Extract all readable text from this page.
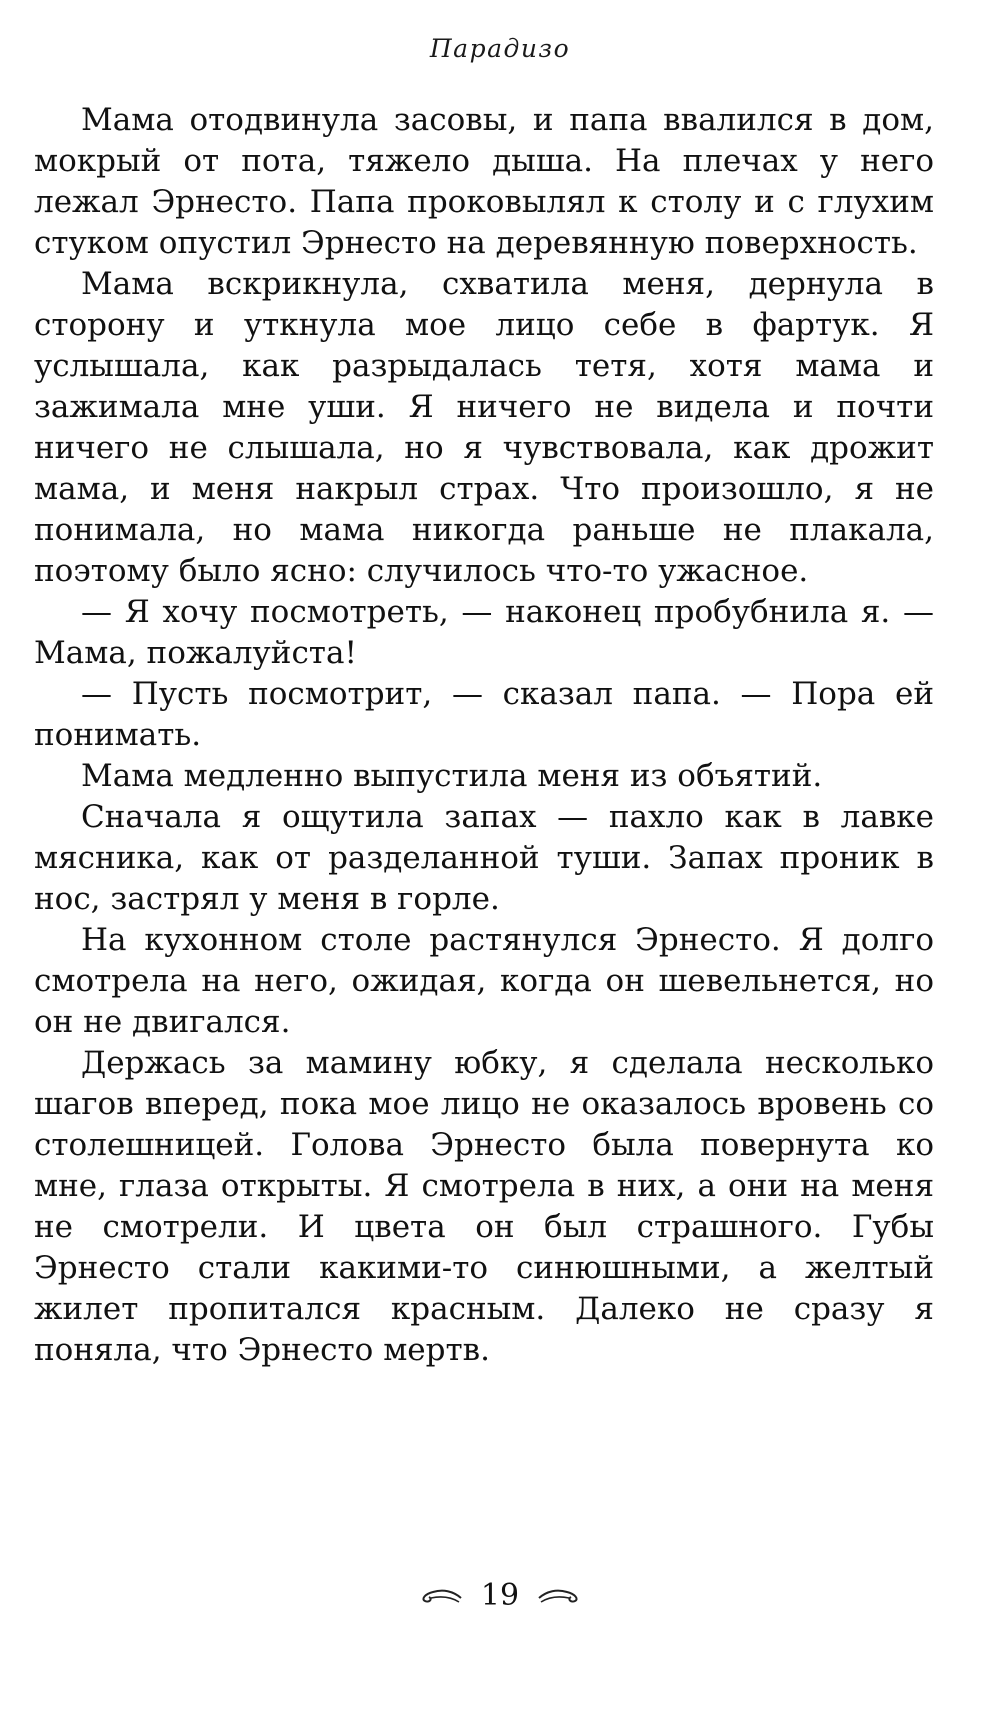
Парадизо

Мама отодвинула засовы, и папа ввалился в дом, мокрый от пота, тяжело дыша. На плечах у него лежал Эрнесто. Папа проковылял к столу и с глухим стуком опустил Эрнесто на деревянную поверхность.

Мама вскрикнула, схватила меня, дернула в сторону и уткнула мое лицо себе в фартук. Я услышала, как разрыдалась тетя, хотя мама и зажимала мне уши. Я ничего не видела и почти ничего не слышала, но я чувствовала, как дрожит мама, и меня накрыл страх. Что произошло, я не понимала, но мама никогда раньше не плакала, поэтому было ясно: случилось что-то ужасное.

— Я хочу посмотреть, — наконец пробубнила я. — Мама, пожалуйста!

— Пусть посмотрит, — сказал папа. — Пора ей понимать.

Мама медленно выпустила меня из объятий.

Сначала я ощутила запах — пахло как в лавке мясника, как от разделанной туши. Запах проник в нос, застрял у меня в горле.

На кухонном столе растянулся Эрнесто. Я долго смотрела на него, ожидая, когда он шевельнется, но он не двигался.

Держась за мамину юбку, я сделала несколько шагов вперед, пока мое лицо не оказалось вровень со столешницей. Голова Эрнесто была повернута ко мне, глаза открыты. Я смотрела в них, а они на меня не смотрели. И цвета он был страшного. Губы Эрнесто стали какими-то синюшными, а желтый жилет пропитался красным. Далеко не сразу я поняла, что Эрнесто мертв.

19
